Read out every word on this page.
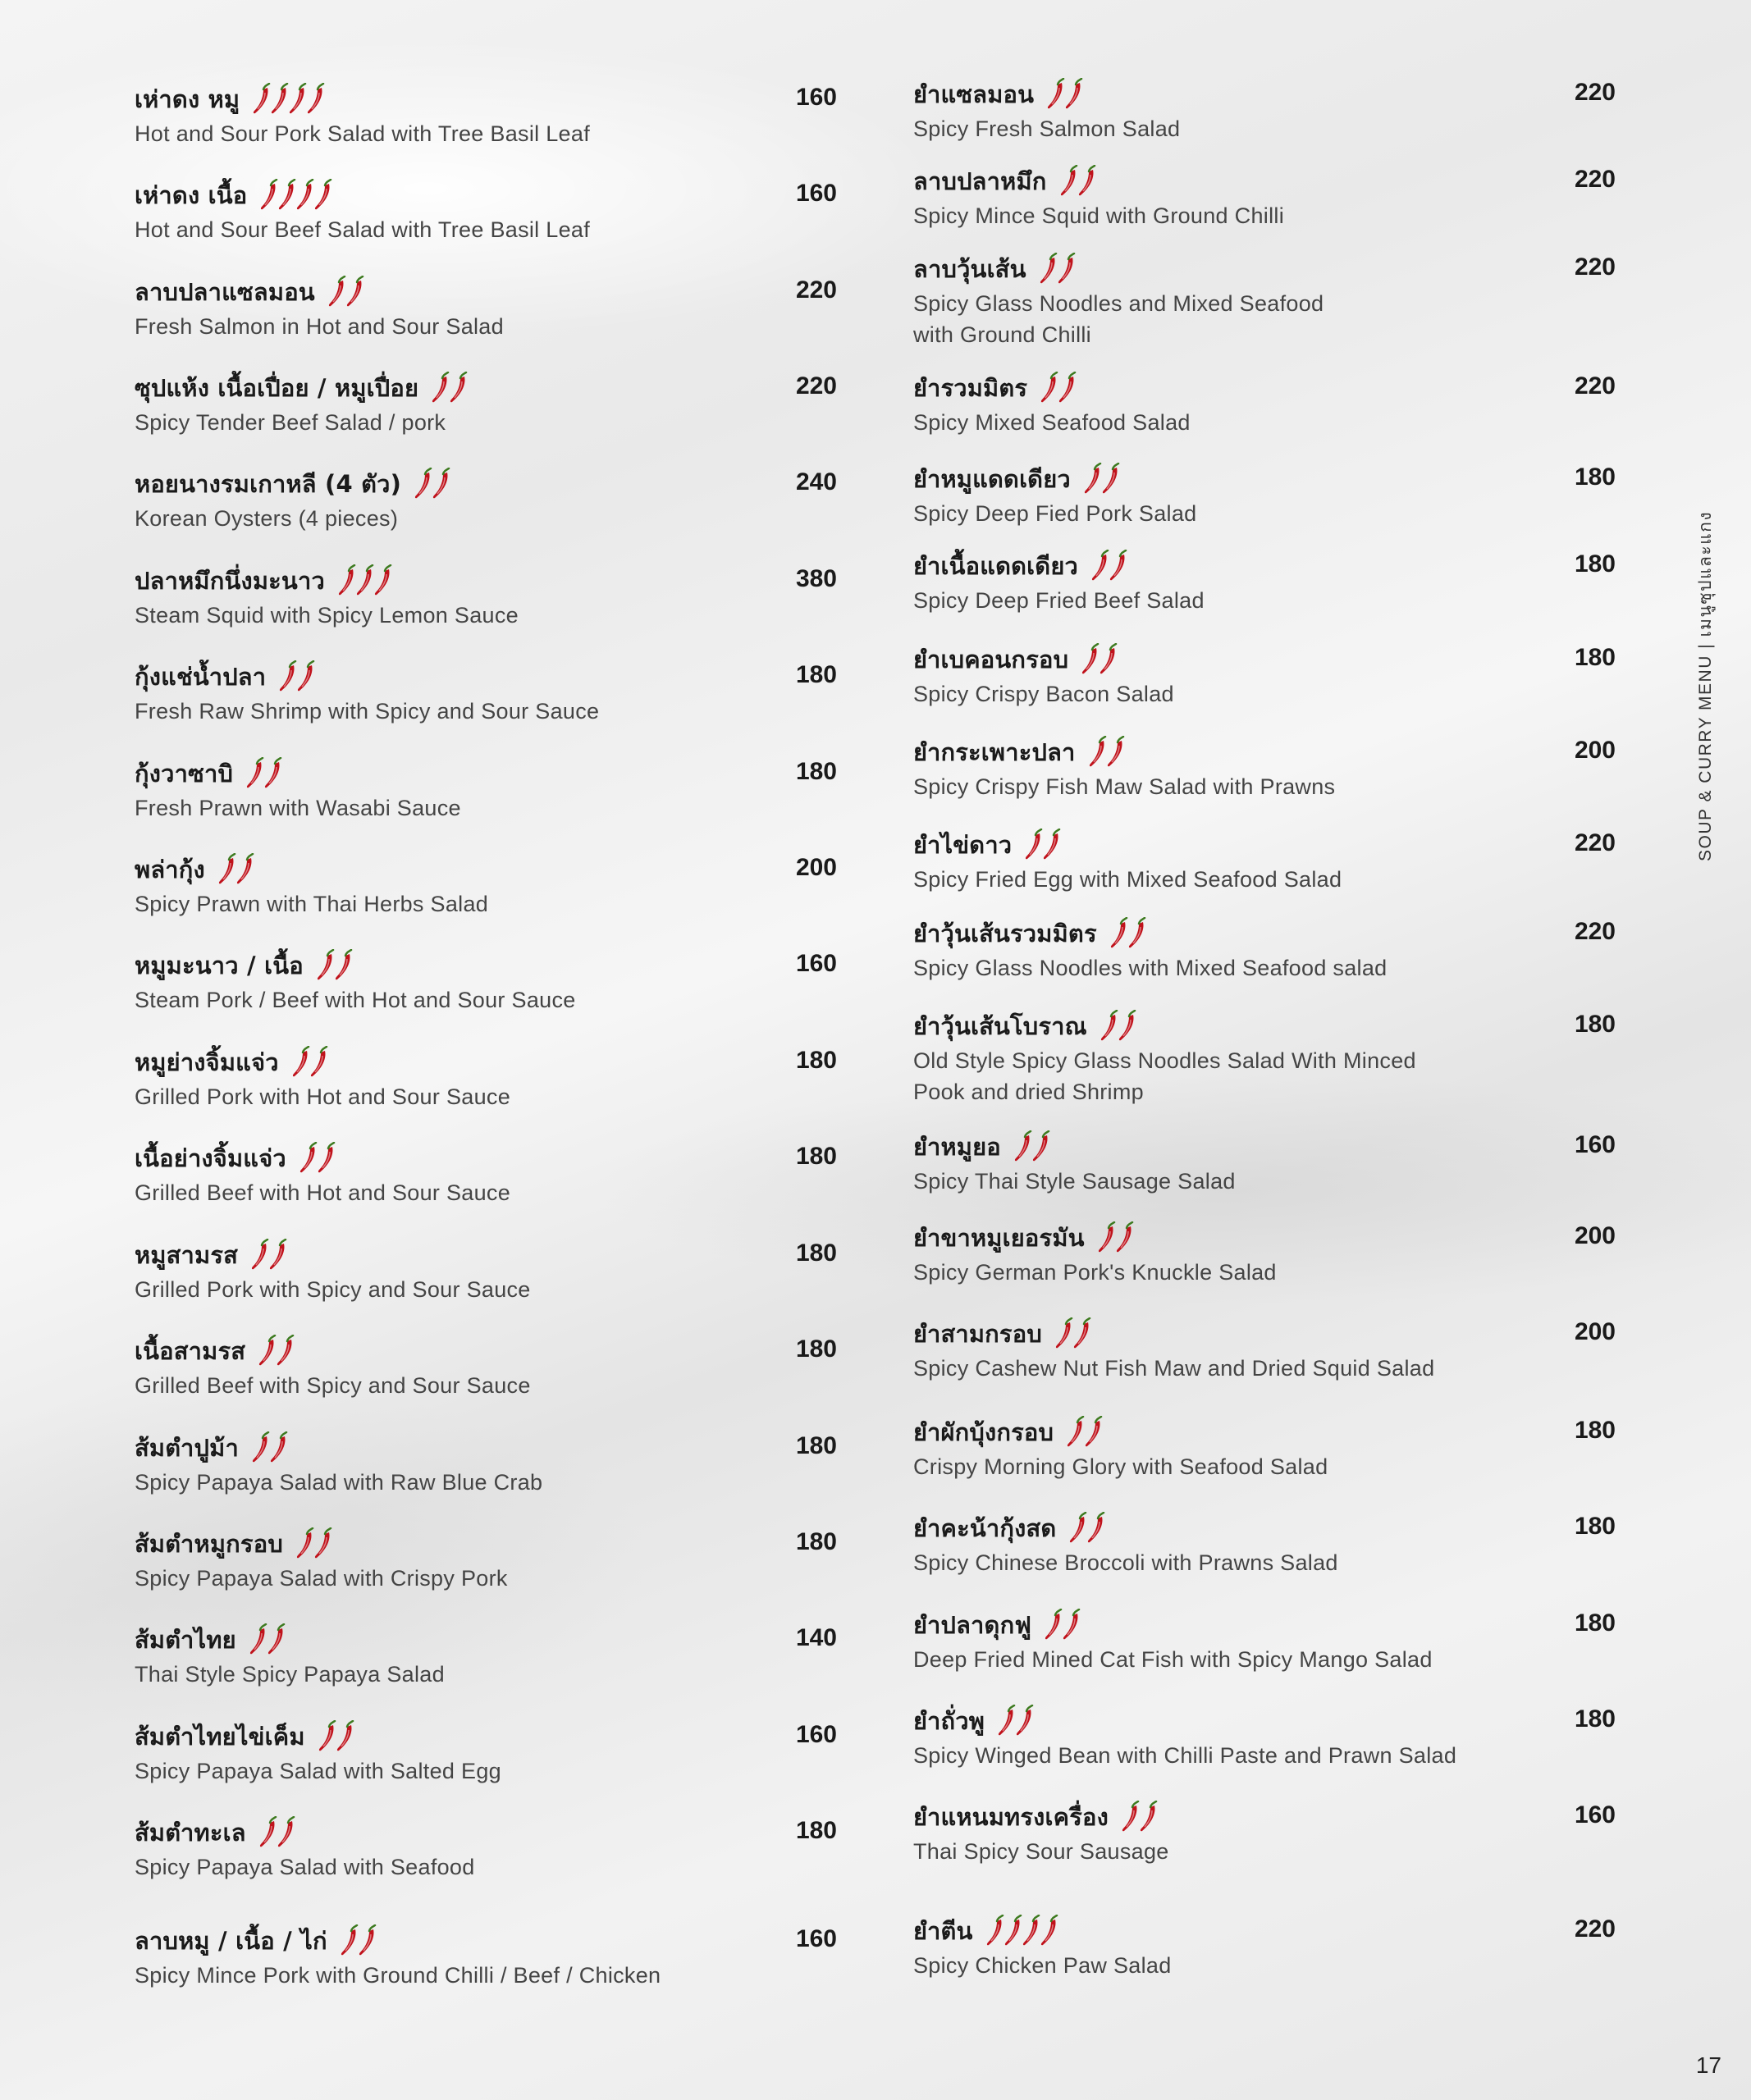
เห่าดง หมู	160
Hot and Sour Pork Salad with Tree Basil Leaf
เห่าดง เนื้อ	160
Hot and Sour Beef Salad with Tree Basil Leaf
ลาบปลาแซลมอน	220
Fresh Salmon in Hot and Sour Salad
ซุปแห้ง เนื้อเปื่อย / หมูเปื่อย	220
Spicy Tender Beef Salad / pork
หอยนางรมเกาหลี (4 ตัว)	240
Korean Oysters (4 pieces)
ปลาหมึกนึ่งมะนาว	380
Steam Squid with Spicy Lemon Sauce
กุ้งแช่น้ำปลา	180
Fresh Raw Shrimp with Spicy and Sour Sauce
กุ้งวาซาบิ	180
Fresh Prawn with Wasabi Sauce
พล่ากุ้ง	200
Spicy Prawn with Thai Herbs Salad
หมูมะนาว / เนื้อ	160
Steam Pork / Beef with Hot and Sour Sauce
หมูย่างจิ้มแจ่ว	180
Grilled Pork with Hot and Sour Sauce
เนื้อย่างจิ้มแจ่ว	180
Grilled Beef with Hot and Sour Sauce
หมูสามรส	180
Grilled Pork with Spicy and Sour Sauce
เนื้อสามรส	180
Grilled Beef with Spicy and Sour Sauce
ส้มตำปูม้า	180
Spicy Papaya Salad with Raw Blue Crab
ส้มตำหมูกรอบ	180
Spicy Papaya Salad with Crispy Pork
ส้มตำไทย	140
Thai Style Spicy Papaya Salad
ส้มตำไทยไข่เค็ม	160
Spicy Papaya Salad with Salted Egg
ส้มตำทะเล	180
Spicy Papaya Salad with Seafood
ลาบหมู / เนื้อ / ไก่	160
Spicy Mince Pork with Ground Chilli / Beef / Chicken
ยำแซลมอน	220
Spicy Fresh Salmon Salad
ลาบปลาหมึก	220
Spicy Mince Squid with Ground Chilli
ลาบวุ้นเส้น	220
Spicy Glass Noodles and Mixed Seafood
with Ground Chilli
ยำรวมมิตร	220
Spicy Mixed Seafood Salad
ยำหมูแดดเดียว	180
Spicy Deep Fied Pork Salad
ยำเนื้อแดดเดียว	180
Spicy Deep Fried Beef Salad
ยำเบคอนกรอบ	180
Spicy Crispy Bacon Salad
ยำกระเพาะปลา	200
Spicy Crispy Fish Maw Salad with Prawns
ยำไข่ดาว	220
Spicy Fried Egg with Mixed Seafood Salad
ยำวุ้นเส้นรวมมิตร	220
Spicy Glass Noodles with Mixed Seafood salad
ยำวุ้นเส้นโบราณ	180
Old Style Spicy Glass Noodles Salad With Minced
Pook and dried Shrimp
ยำหมูยอ	160
Spicy Thai Style Sausage Salad
ยำขาหมูเยอรมัน	200
Spicy German Pork's Knuckle Salad
ยำสามกรอบ	200
Spicy Cashew Nut Fish Maw and Dried Squid Salad
ยำผักบุ้งกรอบ	180
Crispy Morning Glory with Seafood Salad
ยำคะน้ากุ้งสด	180
Spicy Chinese Broccoli with Prawns Salad
ยำปลาดุกฟู	180
Deep Fried Mined Cat Fish with Spicy Mango Salad
ยำถั่วพู	180
Spicy Winged Bean with Chilli Paste and Prawn Salad
ยำแหนมทรงเครื่อง	160
Thai Spicy Sour Sausage
ยำตีน	220
Spicy Chicken Paw Salad
SOUP & CURRY MENU | เมนูซุปและแกง
17
